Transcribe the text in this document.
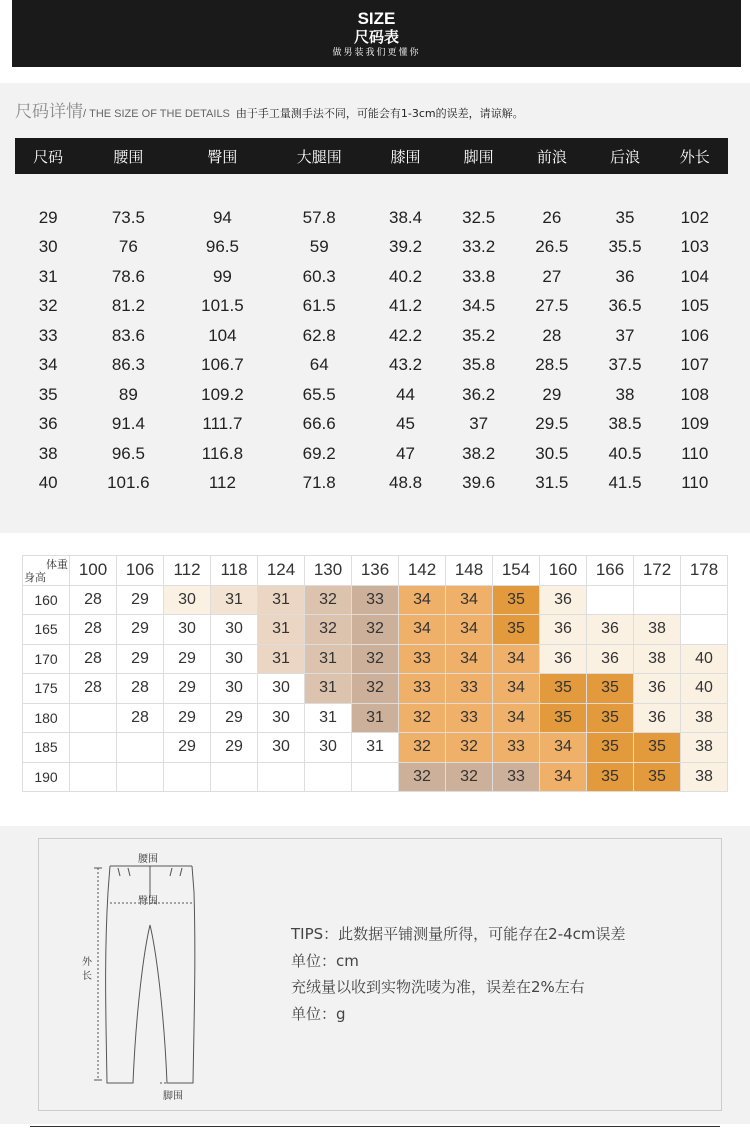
SIZE
尺码表
做男装我们更懂你
尺码详情/ THE SIZE OF THE DETAILS 由于手工量测手法不同，可能会有1-3cm的误差，请谅解。
尺码	腰围	臀围	大腿围	膝围	脚围	前浪	后浪	外长

29	73.5	94	57.8	38.4	32.5	26	35	102
30	76	96.5	59	39.2	33.2	26.5	35.5	103
31	78.6	99	60.3	40.2	33.8	27	36	104
32	81.2	101.5	61.5	41.2	34.5	27.5	36.5	105
33	83.6	104	62.8	42.2	35.2	28	37	106
34	86.3	106.7	64	43.2	35.8	28.5	37.5	107
35	89	109.2	65.5	44	36.2	29	38	108
36	91.4	111.7	66.6	45	37	29.5	38.5	109
38	96.5	116.8	69.2	47	38.2	30.5	40.5	110
40	101.6	112	71.8	48.8	39.6	31.5	41.5	110
体重
身高	100	106	112	118	124	130	136	142	148	154	160	166	172	178
160	28	29	30	31	31	32	33	34	34	35	36			
165	28	29	30	30	31	32	32	34	34	35	36	36	38	
170	28	29	29	30	31	31	32	33	34	34	36	36	38	40
175	28	28	29	30	30	31	32	33	33	34	35	35	36	40
180		28	29	29	30	31	31	32	33	34	35	35	36	38
185			29	29	30	30	31	32	32	33	34	35	35	38
190								32	32	33	34	35	35	38
腰围
臀围
外长
脚围
TIPS：此数据平铺测量所得，可能存在2-4cm误差
单位：cm
充绒量以收到实物洗唛为准，误差在2%左右
单位：g
